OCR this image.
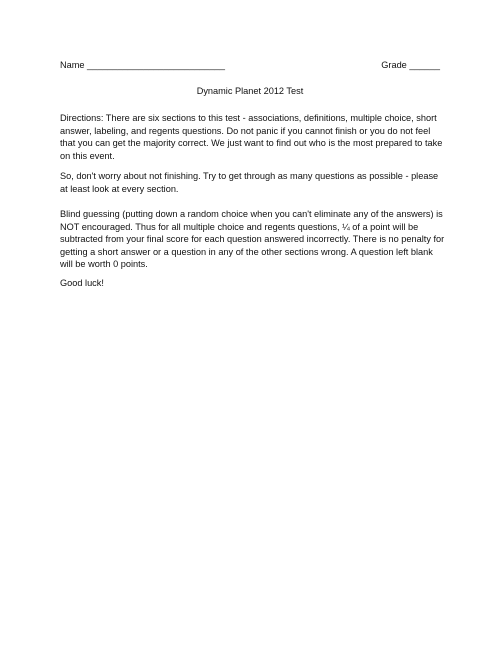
Name ___________________________	Grade ______
Dynamic Planet 2012 Test

Directions: There are six sections to this test - associations, definitions, multiple choice, short answer, labeling, and regents questions. Do not panic if you cannot finish or you do not feel that you can get the majority correct. We just want to find out who is the most prepared to take on this event.

So, don't worry about not finishing. Try to get through as many questions as possible - please at least look at every section.

Blind guessing (putting down a random choice when you can't eliminate any of the answers) is NOT encouraged. Thus for all multiple choice and regents questions, ¼ of a point will be subtracted from your final score for each question answered incorrectly. There is no penalty for getting a short answer or a question in any of the other sections wrong. A question left blank will be worth 0 points.

Good luck!
